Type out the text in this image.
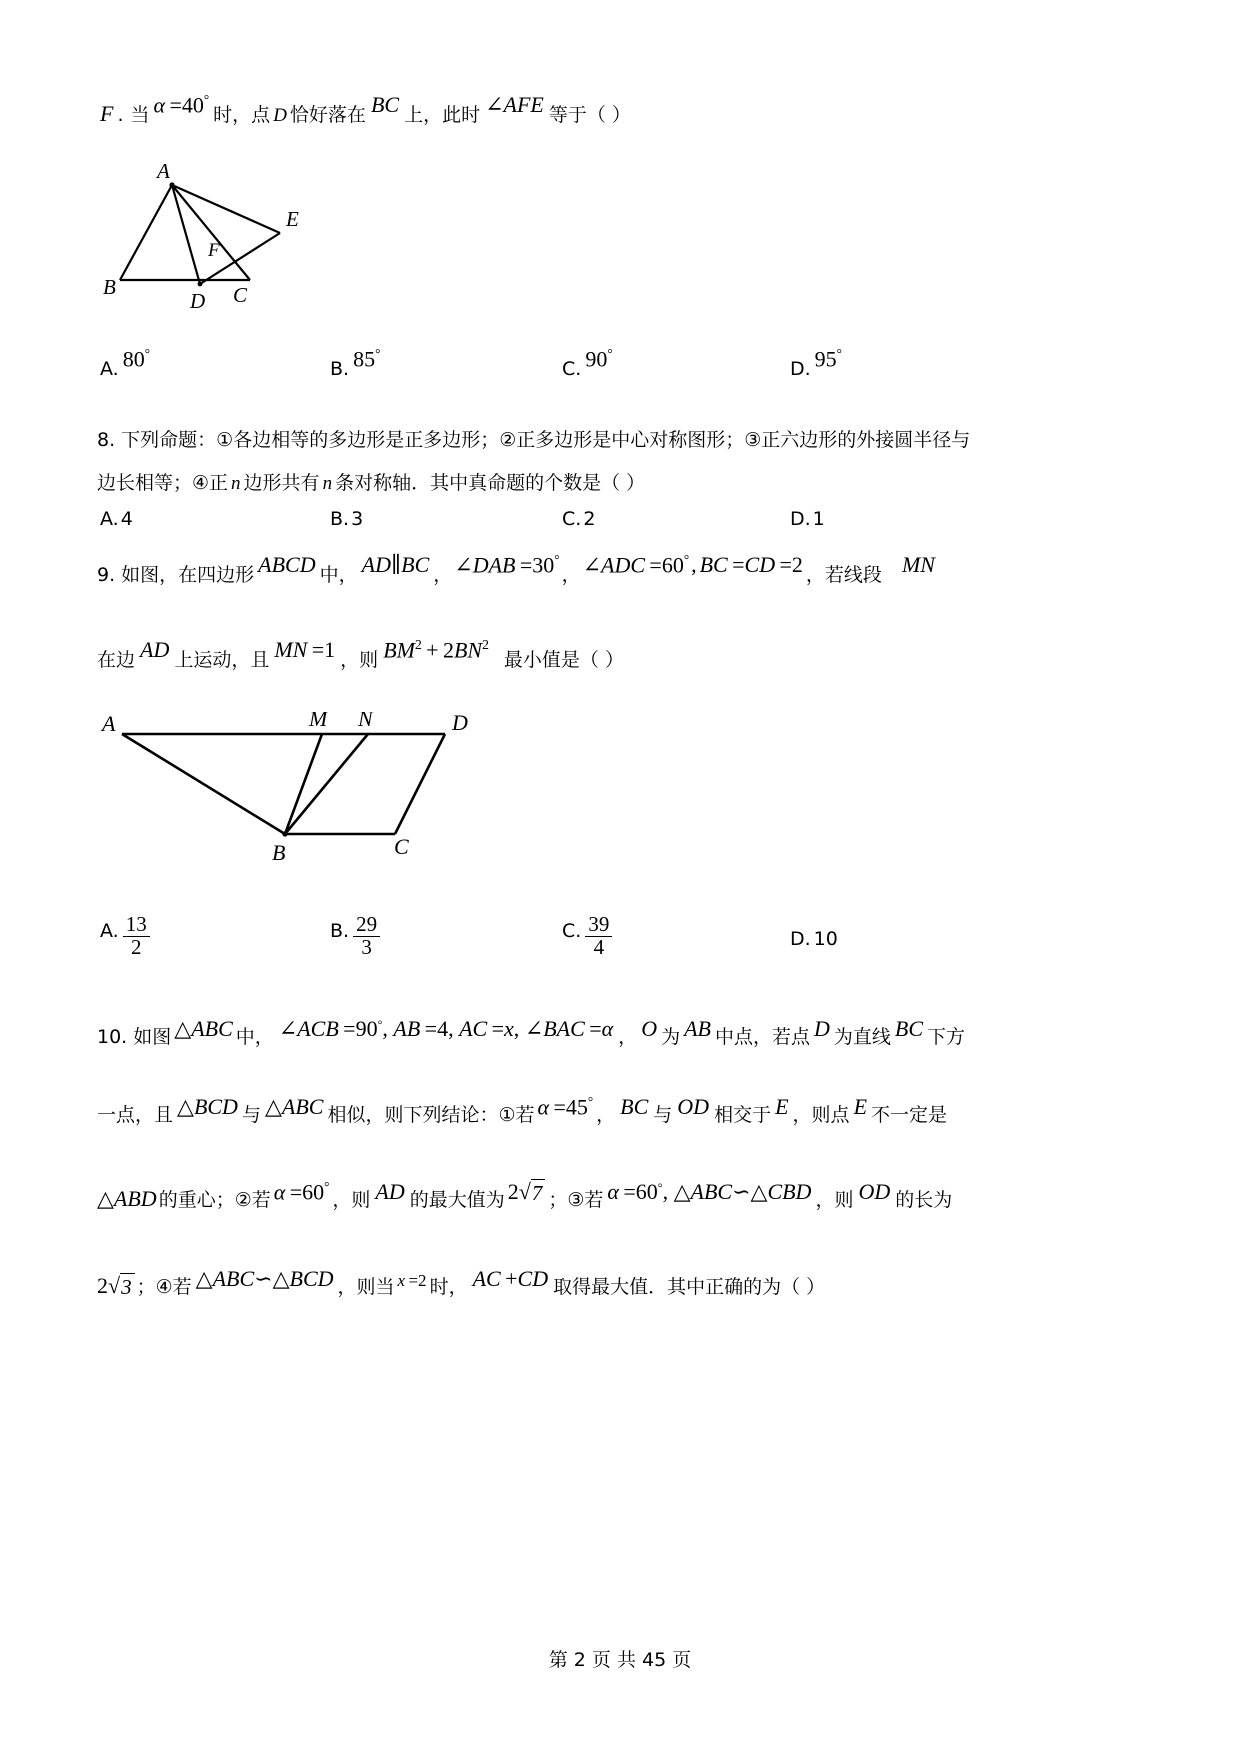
F . 当 α =40°
时，点 D 恰好落在 BC 上，此时 ∠AFE 等于（ ）
A
E
F
B
D C
A. 80°
B. 85°
C. 90°
D. 95°
8. 下列命题：①各边相等的多边形是正多边形；②正多边形是中心对称图形；③正六边形的外接圆半径与
边长相等；④正 n 边形共有 n 条对称轴．其中真命题的个数是（ ）
A. 4	B. 3	C. 2	D. 1
9. 如图，在四边形 ABCD 中， AD∥BC ， ∠DAB =30°
， ∠ADC =60° , BC =CD =2 ，若线段 MN
在边 AD 上运动，且 MN =1 ，则 $BM^2 + 2BN^2$
最小值是（ ）
A	M N	D
B	C
A. $\frac{13}{2}$	B. $\frac{29}{3}$	C. $\frac{39}{4}$	D. 10
10. 如图 △ABC 中， ∠ACB =90°, AB =4, AC =x, ∠BAC =α ， O 为 AB 中点，若点 D 为直线 BC 下方
一点，且 △BCD 与 △ABC 相似，则下列结论：①若 α =45°
， BC 与 OD 相交于 E ，则点 E 不一定是
△ABD 的重心；②若 α =60°
，则 AD 的最大值为 2 √ 7 ；③若 α =60°, △ABC∽△CBD ，则 OD 的长为
2 √ 3 ；④若 △ABC∽△BCD ，则当 x =2 时， AC +CD 取得最大值．其中正确的为（ ）
第 2 页 共 45 页
